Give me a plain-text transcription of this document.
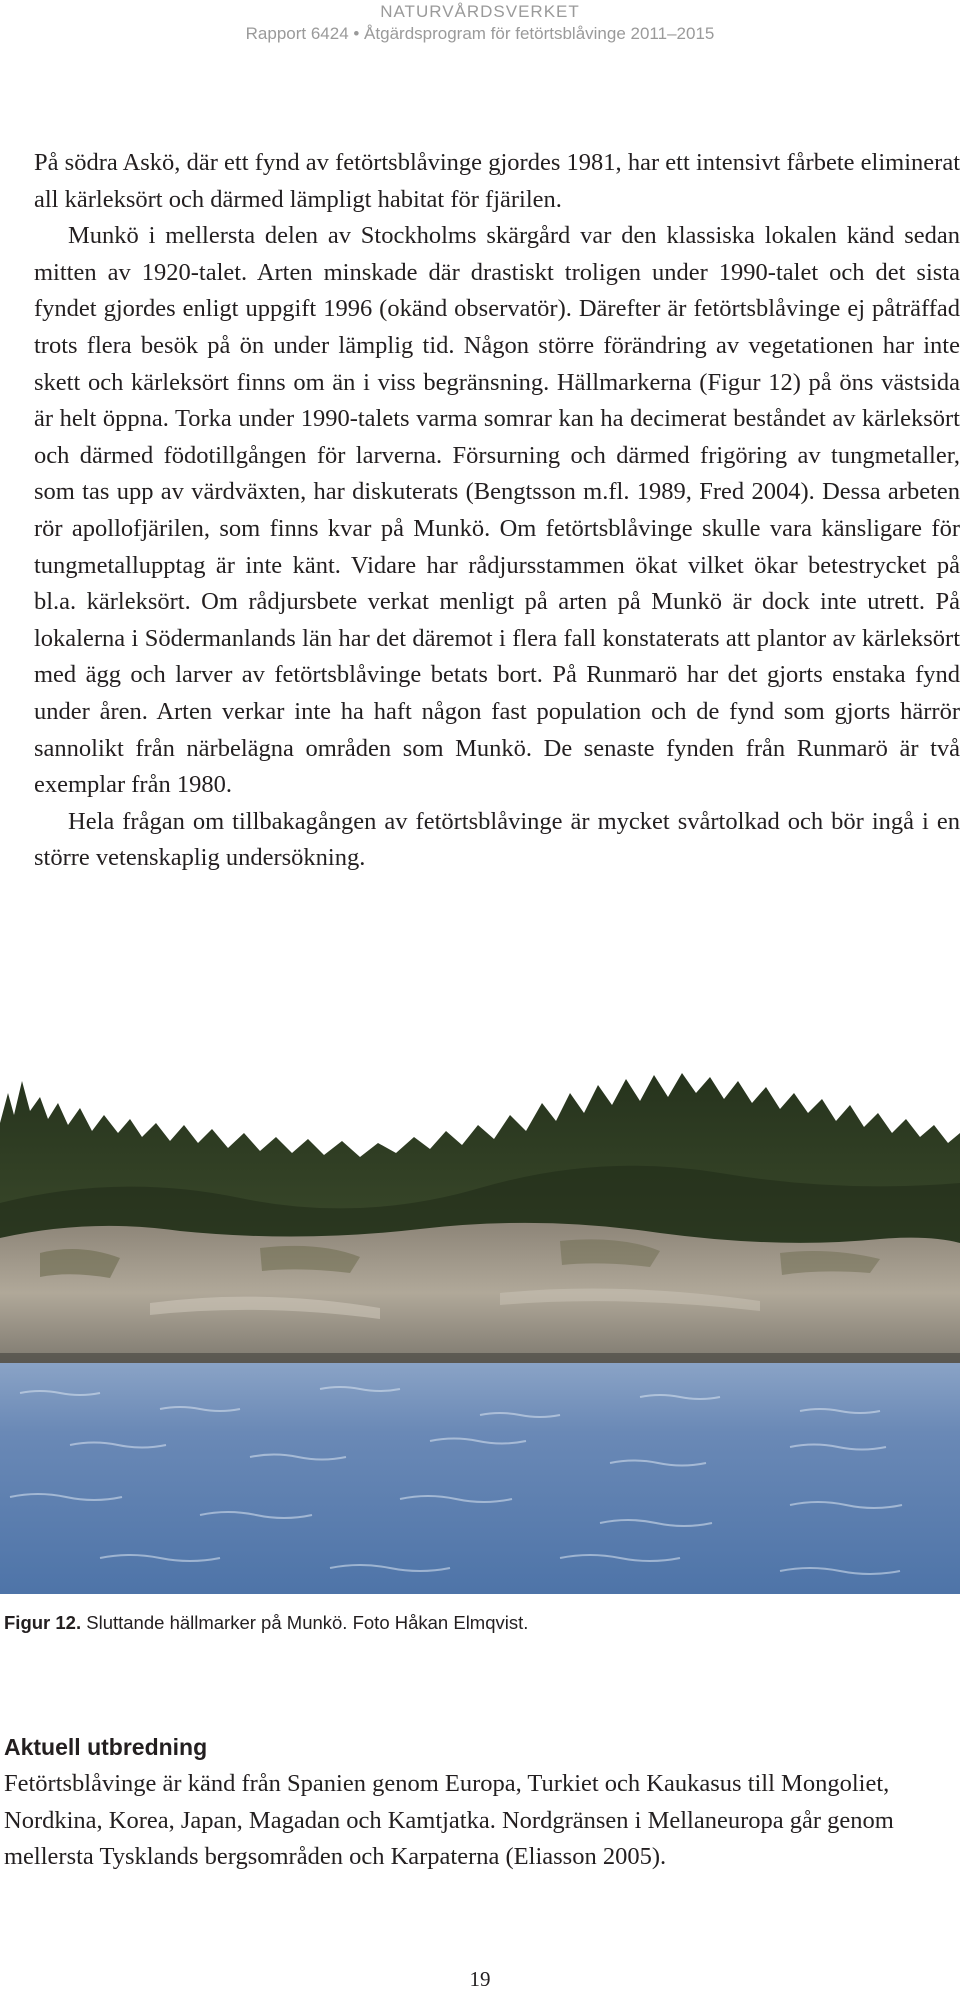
NATURVÅRDSVERKET
Rapport 6424 • Åtgärdsprogram för fetörtsblåvinge 2011–2015

På södra Askö, där ett fynd av fetörtsblåvinge gjordes 1981, har ett intensivt fårbete eliminerat all kärleksört och därmed lämpligt habitat för fjärilen.

Munkö i mellersta delen av Stockholms skärgård var den klassiska lokalen känd sedan mitten av 1920-talet. Arten minskade där drastiskt troligen under 1990-talet och det sista fyndet gjordes enligt uppgift 1996 (okänd observatör). Därefter är fetörtsblåvinge ej påträffad trots flera besök på ön under lämplig tid. Någon större förändring av vegetationen har inte skett och kärleksört finns om än i viss begränsning. Hällmarkerna (Figur 12) på öns västsida är helt öppna. Torka under 1990-talets varma somrar kan ha decimerat beståndet av kärleksört och därmed födotillgången för larverna. Försurning och därmed frigöring av tungmetaller, som tas upp av värdväxten, har diskuterats (Bengtsson m.fl. 1989, Fred 2004). Dessa arbeten rör apollofjärilen, som finns kvar på Munkö. Om fetörtsblåvinge skulle vara känsligare för tungmetallupptag är inte känt. Vidare har rådjursstammen ökat vilket ökar betestrycket på bl.a. kärleksört. Om rådjursbete verkat menligt på arten på Munkö är dock inte utrett. På lokalerna i Södermanlands län har det däremot i flera fall konstaterats att plantor av kärleksört med ägg och larver av fetörtsblåvinge betats bort. På Runmarö har det gjorts enstaka fynd under åren. Arten verkar inte ha haft någon fast population och de fynd som gjorts härrör sannolikt från närbelägna områden som Munkö. De senaste fynden från Runmarö är två exemplar från 1980.

Hela frågan om tillbakagången av fetörtsblåvinge är mycket svårtolkad och bör ingå i en större vetenskaplig undersökning.

Figur 12. Sluttande hällmarker på Munkö. Foto Håkan Elmqvist.
Aktuell utbredning

Fetörtsblåvinge är känd från Spanien genom Europa, Turkiet och Kaukasus till Mongoliet, Nordkina, Korea, Japan, Magadan och Kamtjatka. Nordgränsen i Mellaneuropa går genom mellersta Tysklands bergsområden och Karpaterna (Eliasson 2005).

19
